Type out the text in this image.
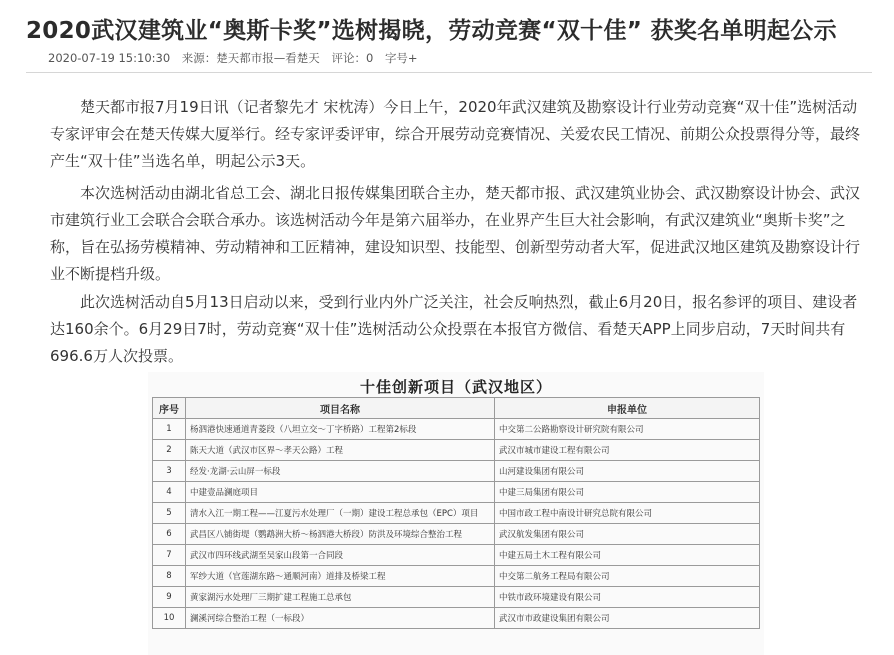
2020武汉建筑业“奥斯卡奖”选树揭晓，劳动竞赛“双十佳” 获奖名单明起公示
2020-07-19 15:10:30 来源：楚天都市报—看楚天 评论：0 字号+

楚天都市报7月19日讯（记者黎先才 宋枕涛）今日上午，2020年武汉建筑及勘察设计行业劳动竞赛“双十佳”选树活动专家评审会在楚天传媒大厦举行。经专家评委评审，综合开展劳动竞赛情况、关爱农民工情况、前期公众投票得分等，最终产生“双十佳”当选名单，明起公示3天。

本次选树活动由湖北省总工会、湖北日报传媒集团联合主办，楚天都市报、武汉建筑业协会、武汉勘察设计协会、武汉市建筑行业工会联合会联合承办。该选树活动今年是第六届举办，在业界产生巨大社会影响，有武汉建筑业“奥斯卡奖”之称，旨在弘扬劳模精神、劳动精神和工匠精神，建设知识型、技能型、创新型劳动者大军，促进武汉地区建筑及勘察设计行业不断提档升级。

此次选树活动自5月13日启动以来，受到行业内外广泛关注，社会反响热烈，截止6月20日，报名参评的项目、建设者达160余个。6月29日7时，劳动竞赛“双十佳”选树活动公众投票在本报官方微信、看楚天APP上同步启动，7天时间共有696.6万人次投票。

十佳创新项目（武汉地区）
序号	项目名称	申报单位
1	杨泗港快速通道青菱段（八坦立交～丁字桥路）工程第2标段	中交第二公路勘察设计研究院有限公司
2	陈天大道（武汉市区界～孝天公路）工程	武汉市城市建设工程有限公司
3	经发·龙湖·云山屏一标段	山河建设集团有限公司
4	中建壹品澜庭项目	中建三局集团有限公司
5	清水入江一期工程——江夏污水处理厂（一期）建设工程总承包（EPC）项目	中国市政工程中南设计研究总院有限公司
6	武昌区八铺街堤（鹦鹉洲大桥～杨泗港大桥段）防洪及环境综合整治工程	武汉航发集团有限公司
7	武汉市四环线武湖至吴家山段第一合同段	中建五局土木工程有限公司
8	军纱大道（官莲湖东路～通顺河南）道排及桥梁工程	中交第二航务工程局有限公司
9	黄家湖污水处理厂三期扩建工程施工总承包	中铁市政环境建设有限公司
10	澜溪河综合整治工程（一标段）	武汉市市政建设集团有限公司
